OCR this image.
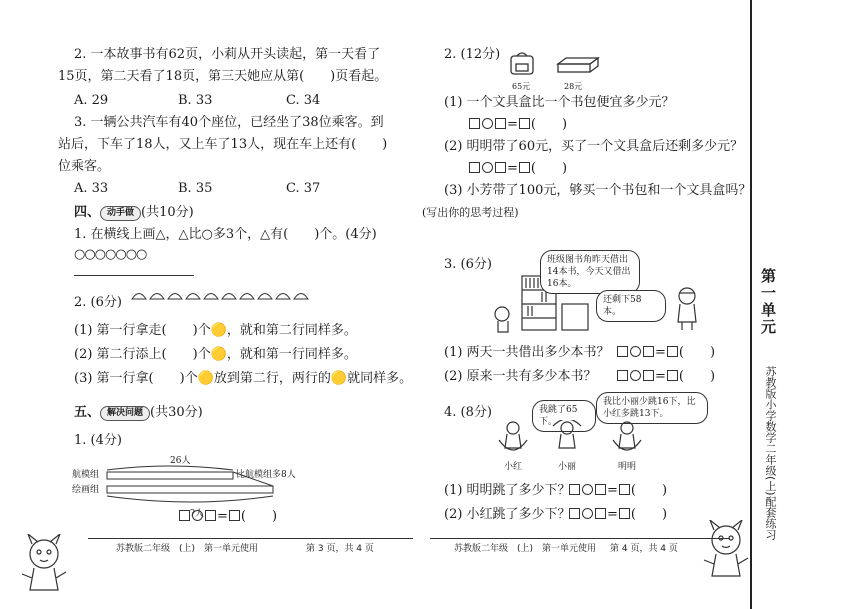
2. 一本故事书有62页，小莉从开头读起，第一天看了
15页，第二天看了18页，第三天她应从第(　　)页看起。
A. 29	B. 33	C. 34
3. 一辆公共汽车有40个座位，已经坐了38位乘客。到
站后，下车了18人，又上车了13人，现在车上还有(　　)
位乘客。
A. 33	B. 35	C. 37
四、 动手做 (共10分)
1. 在横线上画△，△比○多3个，△有(　　)个。(4分)
○○○○○○○
2. (6分)
(1) 第一行拿走(　　)个🟡，就和第二行同样多。
(2) 第二行添上(　　)个🟡，就和第一行同样多。
(3) 第一行拿(　　)个🟡放到第二行，两行的🟡就同样多。
五、 解决问题 (共30分)
1. (4分)
26人
航模组
绘画组
比航模组多8人
?人	= (　　)
苏教版二年级　(上)　第一单元使用	第 3 页，共 4 页
2. (12分)
65元	28元
(1) 一个文具盒比一个书包便宜多少元？
= (　　)
(2) 明明带了60元，买了一个文具盒后还剩多少元？
= (　　)
(3) 小芳带了100元，够买一个书包和一个文具盒吗？
(写出你的思考过程)
3. (6分)	班级图书角昨天借出14本书，今天又借出16本。
还剩下58本。
(1) 两天一共借出多少本书？	= (　　)
(2) 原来一共有多少本书？	= (　　)
4. (8分)	我跳了65下。
我比小丽少跳16下，比小红多跳13下。
小红	小丽	明明
(1) 明明跳了多少下？	= (　　)
(2) 小红跳了多少下？	= (　　)
苏教版二年级　(上)　第一单元使用 第 4 页，共 4 页
第一单元
苏教版小学数学二年级(上)配套练习
